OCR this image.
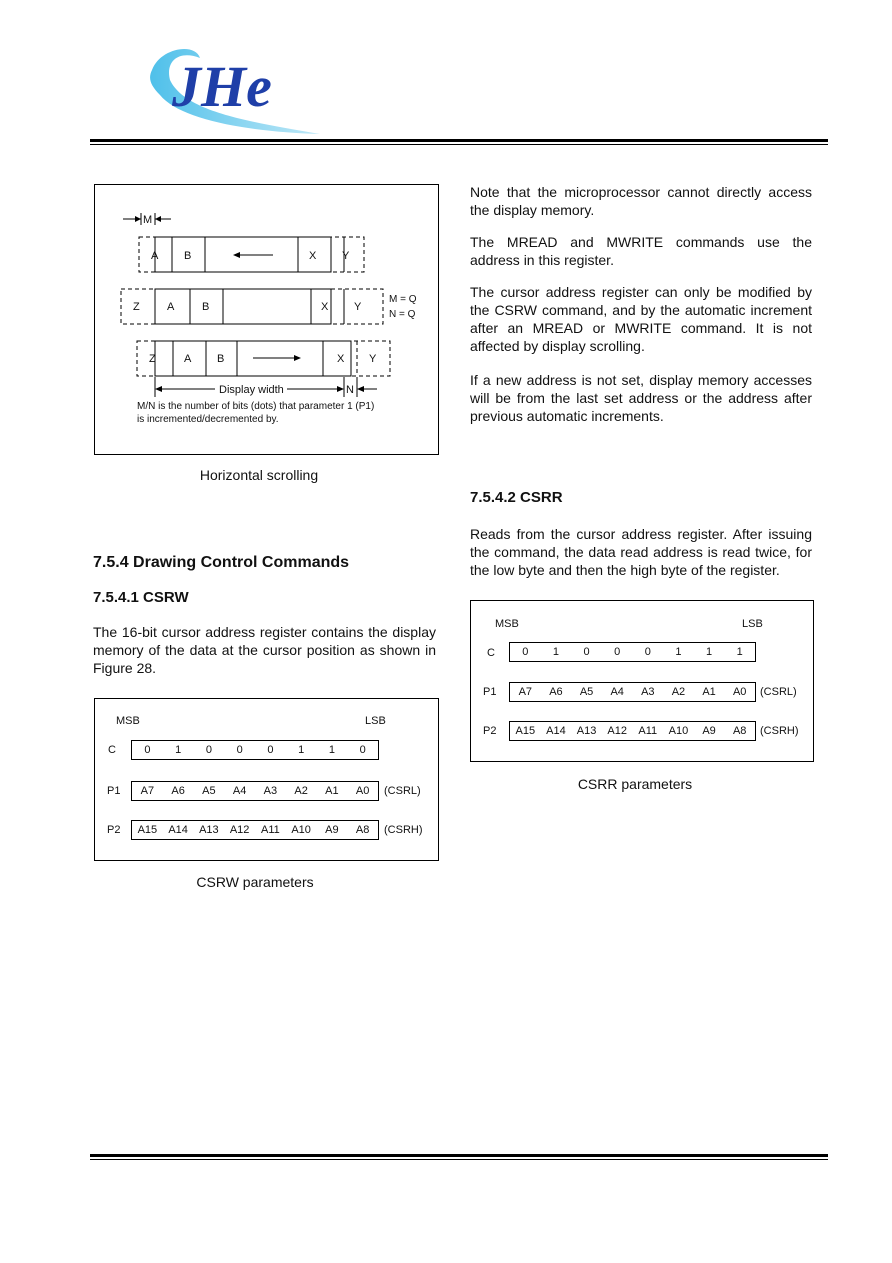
JHe
M
A B	X Y
Z A	B	X Y
M = Q
N = Q
Z	A B	X Y
Display width	N
M/N is the number of bits (dots) that parameter 1 (P1)
is incremented/decremented by.
Horizontal scrolling
7.5.4 Drawing Control Commands
7.5.4.1 CSRW

The 16-bit cursor address register contains the display memory of the data at the cursor position as shown in Figure 28.

MSB	LSB
C	0	1	0	0	0	1	1	0
P1	A7	A6	A5	A4	A3	A2	A1	A0	(CSRL)
P2	A15	A14	A13	A12	A11	A10	A9	A8	(CSRH)
CSRW parameters

Note that the microprocessor cannot directly access the display memory.

The MREAD and MWRITE commands use the address in this register.

The cursor address register can only be modified by the CSRW command, and by the automatic increment after an MREAD or MWRITE command. It is not affected by display scrolling.

If a new address is not set, display memory accesses will be from the last set address or the address after previous automatic increments.

7.5.4.2 CSRR

Reads from the cursor address register. After issuing the command, the data read address is read twice, for the low byte and then the high byte of the register.

MSB	LSB
C	0	1	0	0	0	1	1	1
P1	A7	A6	A5	A4	A3	A2	A1	A0	(CSRL)
P2	A15	A14	A13	A12	A11	A10	A9	A8	(CSRH)
CSRR parameters
